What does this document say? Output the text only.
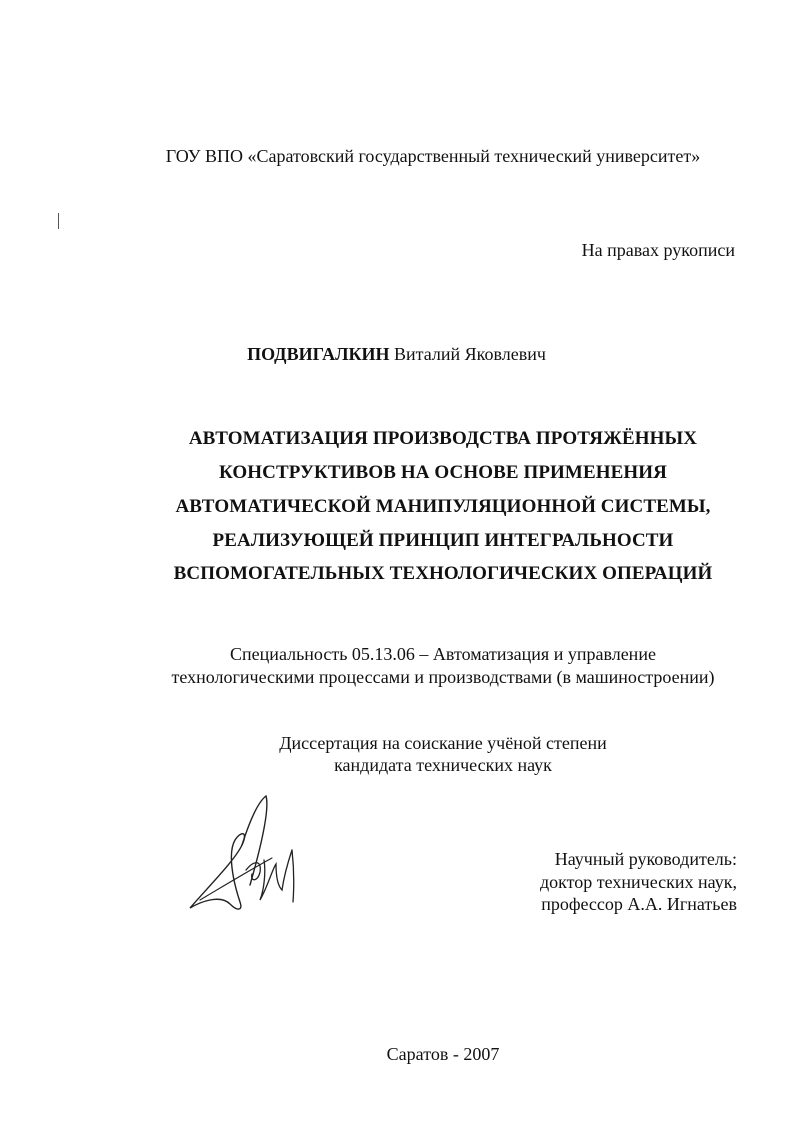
ГОУ ВПО «Саратовский государственный технический университет»
На правах рукописи
ПОДВИГАЛКИН Виталий Яковлевич
АВТОМАТИЗАЦИЯ ПРОИЗВОДСТВА ПРОТЯЖЁННЫХ
КОНСТРУКТИВОВ НА ОСНОВЕ ПРИМЕНЕНИЯ
АВТОМАТИЧЕСКОЙ МАНИПУЛЯЦИОННОЙ СИСТЕМЫ,
РЕАЛИЗУЮЩЕЙ ПРИНЦИП ИНТЕГРАЛЬНОСТИ
ВСПОМОГАТЕЛЬНЫХ ТЕХНОЛОГИЧЕСКИХ ОПЕРАЦИЙ
Специальность 05.13.06 – Автоматизация и управление
технологическими процессами и производствами (в машиностроении)
Диссертация на соискание учёной степени
кандидата технических наук
Научный руководитель:
доктор технических наук,
профессор А.А. Игнатьев
Саратов - 2007
